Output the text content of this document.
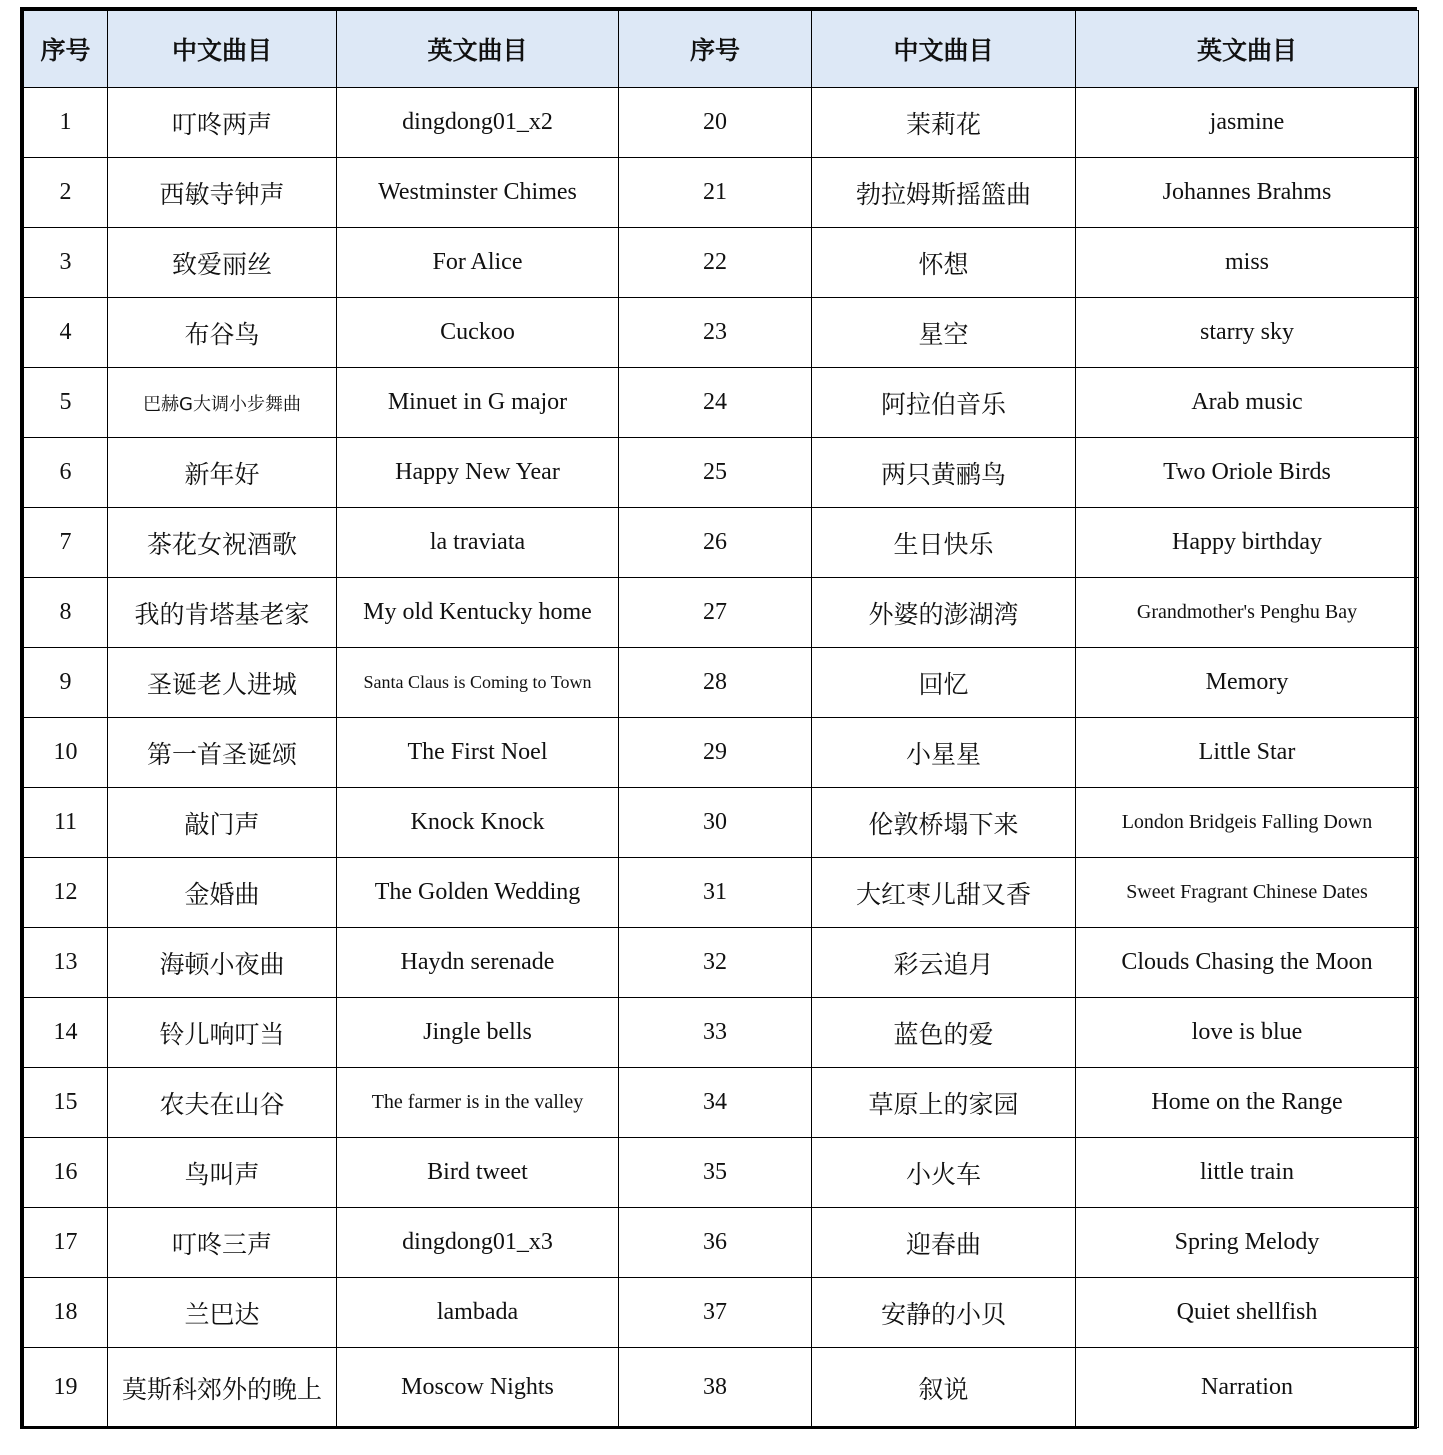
序号	中文曲目	英文曲目	序号	中文曲目	英文曲目
1	叮咚两声	dingdong01_x2	20	茉莉花	jasmine
2	西敏寺钟声	Westminster Chimes	21	勃拉姆斯摇篮曲	Johannes Brahms
3	致爱丽丝	For Alice	22	怀想	miss
4	布谷鸟	Cuckoo	23	星空	starry sky
5	巴赫G大调小步舞曲	Minuet in G major	24	阿拉伯音乐	Arab music
6	新年好	Happy New Year	25	两只黄鹂鸟	Two Oriole Birds
7	茶花女祝酒歌	la traviata	26	生日快乐	Happy birthday
8	我的肯塔基老家	My old Kentucky home	27	外婆的澎湖湾	Grandmother's Penghu Bay
9	圣诞老人进城	Santa Claus is Coming to Town	28	回忆	Memory
10	第一首圣诞颂	The First Noel	29	小星星	Little Star
11	敲门声	Knock Knock	30	伦敦桥塌下来	London Bridgeis Falling Down
12	金婚曲	The Golden Wedding	31	大红枣儿甜又香	Sweet Fragrant Chinese Dates
13	海顿小夜曲	Haydn serenade	32	彩云追月	Clouds Chasing the Moon
14	铃儿响叮当	Jingle bells	33	蓝色的爱	love is blue
15	农夫在山谷	The farmer is in the valley	34	草原上的家园	Home on the Range
16	鸟叫声	Bird tweet	35	小火车	little train
17	叮咚三声	dingdong01_x3	36	迎春曲	Spring Melody
18	兰巴达	lambada	37	安静的小贝	Quiet shellfish
19	莫斯科郊外的晚上	Moscow Nights	38	叙说	Narration
